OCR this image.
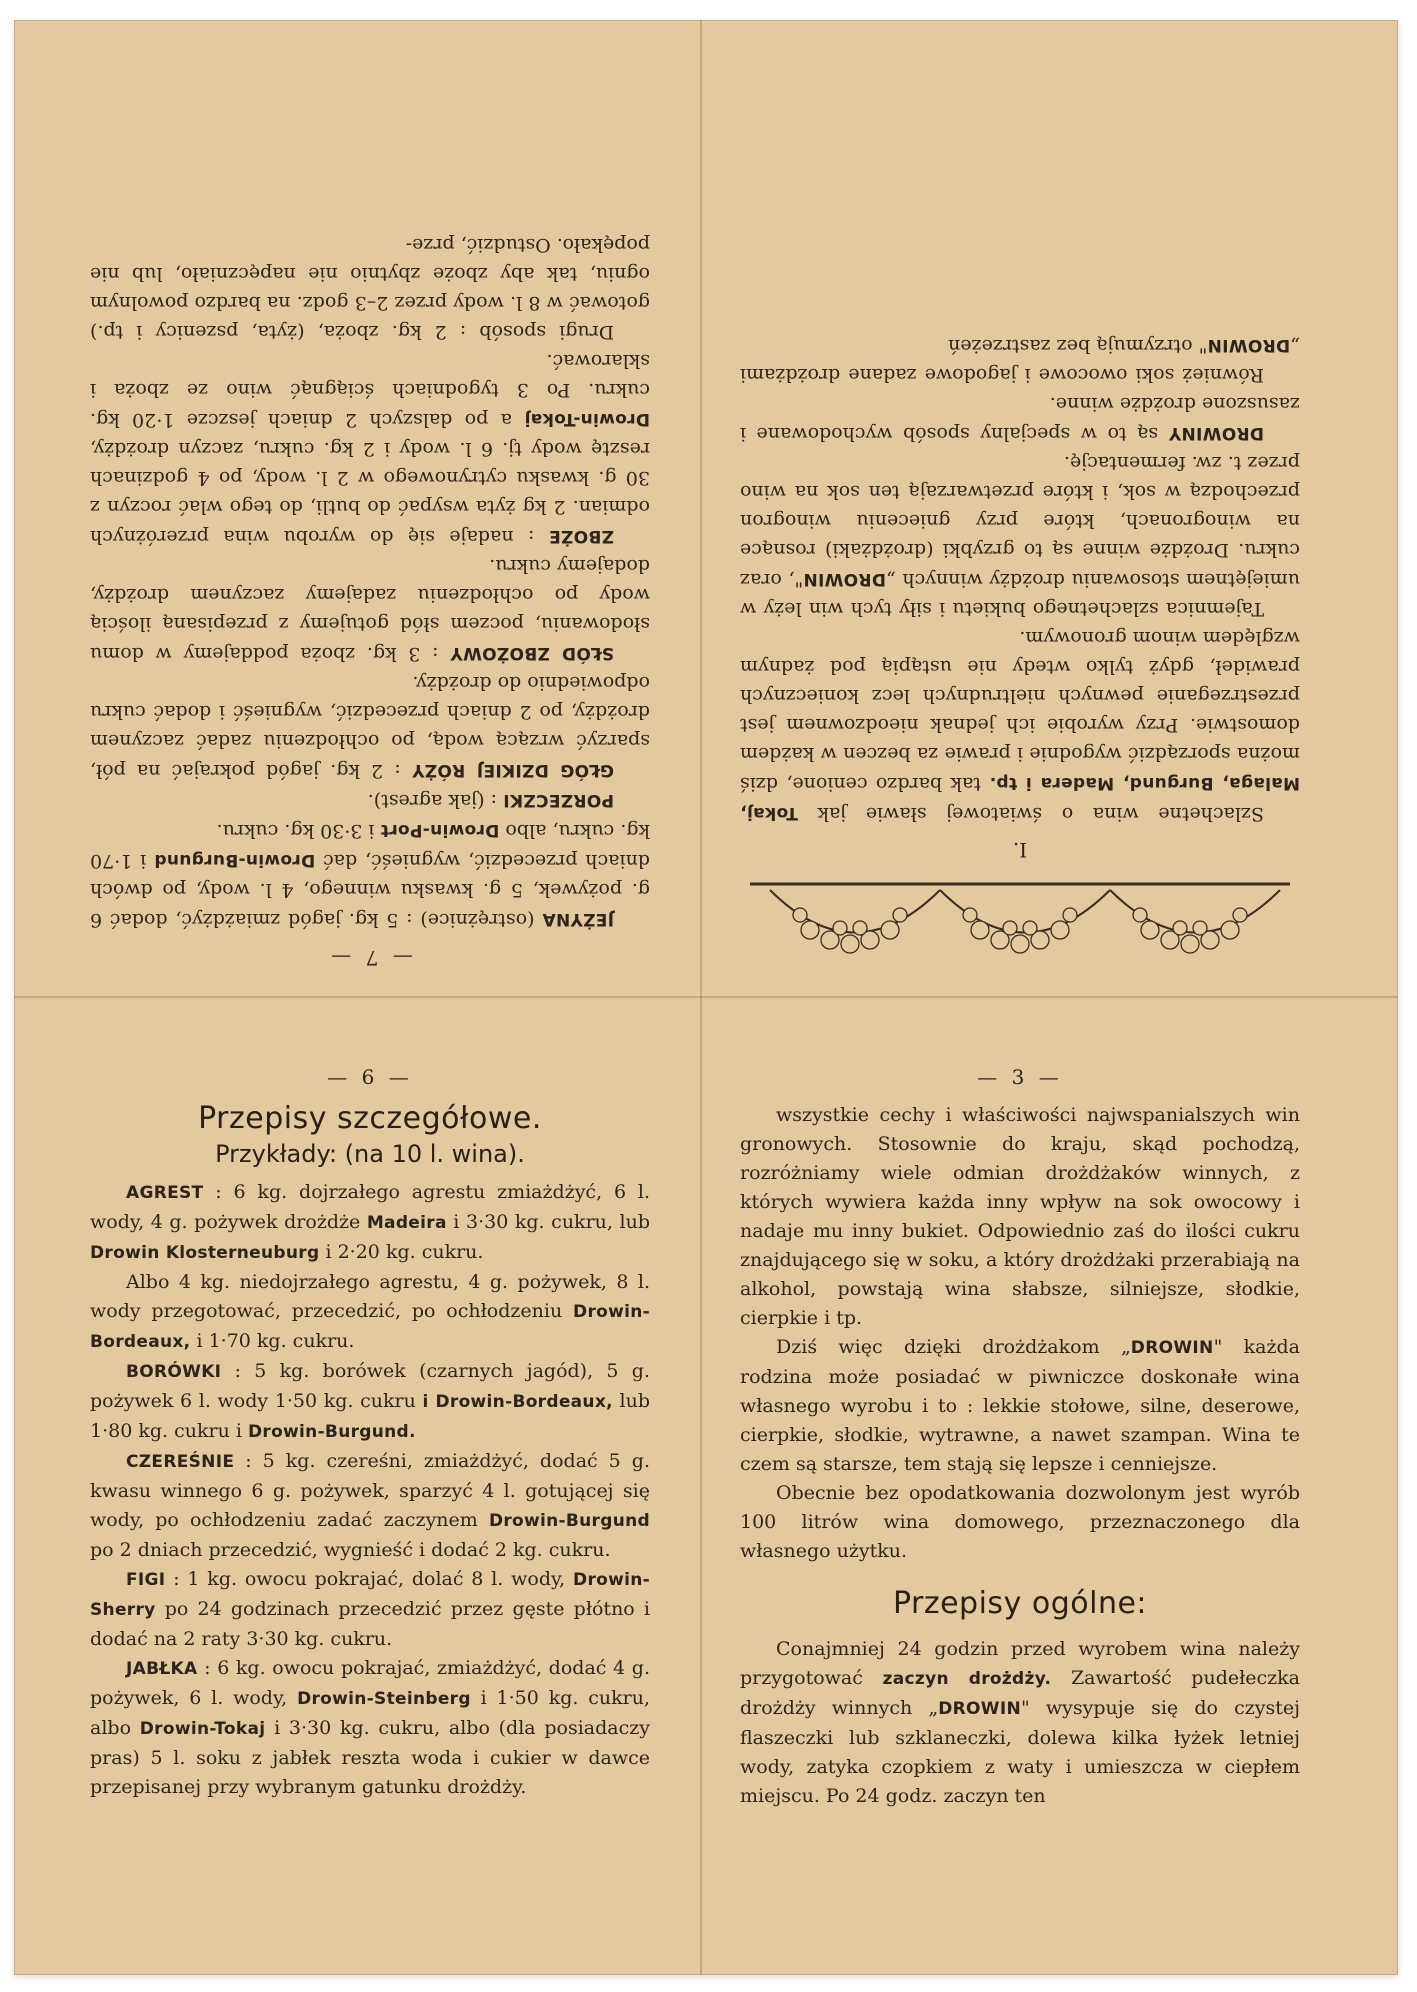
— 7 —

JEŻYNA (ostrężnice) : 5 kg. jagód zmiażdżyć, dodać 6 g. pożywek, 5 g. kwasku winnego, 4 l. wody, po dwóch dniach przecedzić, wygnieść, dać Drowin-Burgund i 1·70 kg. cukru, albo Drowin-Port i 3·30 kg. cukru.

PORZECZKI : (jak agrest).

GŁÓG DZIKIEJ RÓŻY : 2 kg. jagód pokrajać na pół, sparzyć wrzącą wodą, po ochłodzeniu zadać zaczynem drożdży, po 2 dniach przecedzić, wygnieść i dodać cukru odpowiednio do drożdży.

SŁÓD ZBOŻOWY : 3 kg. zboża poddajemy w domu słodowaniu, poczem słód gotujemy z przepisaną ilością wody po ochłodzeniu zadajemy zaczynem drożdży, dodajemy cukru.

ZBOŻE : nadaje się do wyrobu wina przeróżnych odmian. 2 kg żyta wsypać do butli, do tego wlać roczyn z 30 g. kwasku cytrynowego w 2 l. wody, po 4 godzinach resztę wody tj. 6 l. wody i 2 kg. cukru, zaczyn drożdży, Drowin-Tokaj a po dalszych 2 dniach jeszcze 1·20 kg. cukru. Po 3 tygodniach ściągnąć wino ze zboża i sklarować.

Drugi sposób : 2 kg. zboża, (żyta, pszenicy i tp.) gotować w 8 l. wody przez 2–3 godz. na bardzo powolnym ogniu, tak aby zboże zbytnio nie napęczniało, lub nie popękało. Ostudzić, prze-

I.

Szlachetne wina o światowej sławie jak Tokaj, Malaga, Burgund, Madera i tp. tak bardzo cenione, dziś można sporządzić wygodnie i prawie za bezcen w każdem domostwie. Przy wyrobie ich jednak nieodzownem jest przestrzeganie pewnych nieltrudnych lecz koniecznych prawideł, gdyż tylko wtedy nie ustąpią pod żadnym względem winom gronowym.

Tajemnica szlachetnego bukietu i siły tych win leży w umiejętnem stosowaniu drożdży winnych „DROWIN", oraz cukru. Drożdże winne są to grzybki (drożdżaki) rosnące na winogronach, które przy gnieceniu winogron przechodzą w sok, i które przetwarzają ten sok na wino przez t. zw. fermentację.

DROWINY są to w specjalny sposób wychodowane i zasuszone drożdże winne.

Również soki owocowe i jagodowe zadane drożdżami „DROWIN" otrzymują bez zastrzeżeń

— 6 —
Przepisy szczegółowe.
Przykłady: (na 10 l. wina).

AGREST : 6 kg. dojrzałego agrestu zmiażdżyć, 6 l. wody, 4 g. pożywek drożdże Madeira i 3·30 kg. cukru, lub Drowin Klosterneuburg i 2·20 kg. cukru.

Albo 4 kg. niedojrzałego agrestu, 4 g. pożywek, 8 l. wody przegotować, przecedzić, po ochłodzeniu Drowin-Bordeaux, i 1·70 kg. cukru.

BORÓWKI : 5 kg. borówek (czarnych jagód), 5 g. pożywek 6 l. wody 1·50 kg. cukru i Drowin-Bordeaux, lub 1·80 kg. cukru i Drowin-Burgund.

CZEREŚNIE : 5 kg. czereśni, zmiażdżyć, dodać 5 g. kwasu winnego 6 g. pożywek, sparzyć 4 l. gotującej się wody, po ochłodzeniu zadać zaczynem Drowin-Burgund po 2 dniach przecedzić, wygnieść i dodać 2 kg. cukru.

FIGI : 1 kg. owocu pokrajać, dolać 8 l. wody, Drowin-Sherry po 24 godzinach przecedzić przez gęste płótno i dodać na 2 raty 3·30 kg. cukru.

JABŁKA : 6 kg. owocu pokrajać, zmiażdżyć, dodać 4 g. pożywek, 6 l. wody, Drowin-Steinberg i 1·50 kg. cukru, albo Drowin-Tokaj i 3·30 kg. cukru, albo (dla posiadaczy pras) 5 l. soku z jabłek reszta woda i cukier w dawce przepisanej przy wybranym gatunku drożdży.

— 3 —

wszystkie cechy i właściwości najwspanialszych win gronowych. Stosownie do kraju, skąd pochodzą, rozróżniamy wiele odmian drożdżaków winnych, z których wywiera każda inny wpływ na sok owocowy i nadaje mu inny bukiet. Odpowiednio zaś do ilości cukru znajdującego się w soku, a który drożdżaki przerabiają na alkohol, powstają wina słabsze, silniejsze, słodkie, cierpkie i tp.

Dziś więc dzięki drożdżakom „DROWIN" każda rodzina może posiadać w piwniczce doskonałe wina własnego wyrobu i to : lekkie stołowe, silne, deserowe, cierpkie, słodkie, wytrawne, a nawet szampan. Wina te czem są starsze, tem stają się lepsze i cenniejsze.

Obecnie bez opodatkowania dozwolonym jest wyrób 100 litrów wina domowego, przeznaczonego dla własnego użytku.

Przepisy ogólne:

Conajmniej 24 godzin przed wyrobem wina należy przygotować zaczyn drożdży. Zawartość pudełeczka drożdży winnych „DROWIN" wysypuje się do czystej flaszeczki lub szklaneczki, dolewa kilka łyżek letniej wody, zatyka czopkiem z waty i umieszcza w ciepłem miejscu. Po 24 godz. zaczyn ten
